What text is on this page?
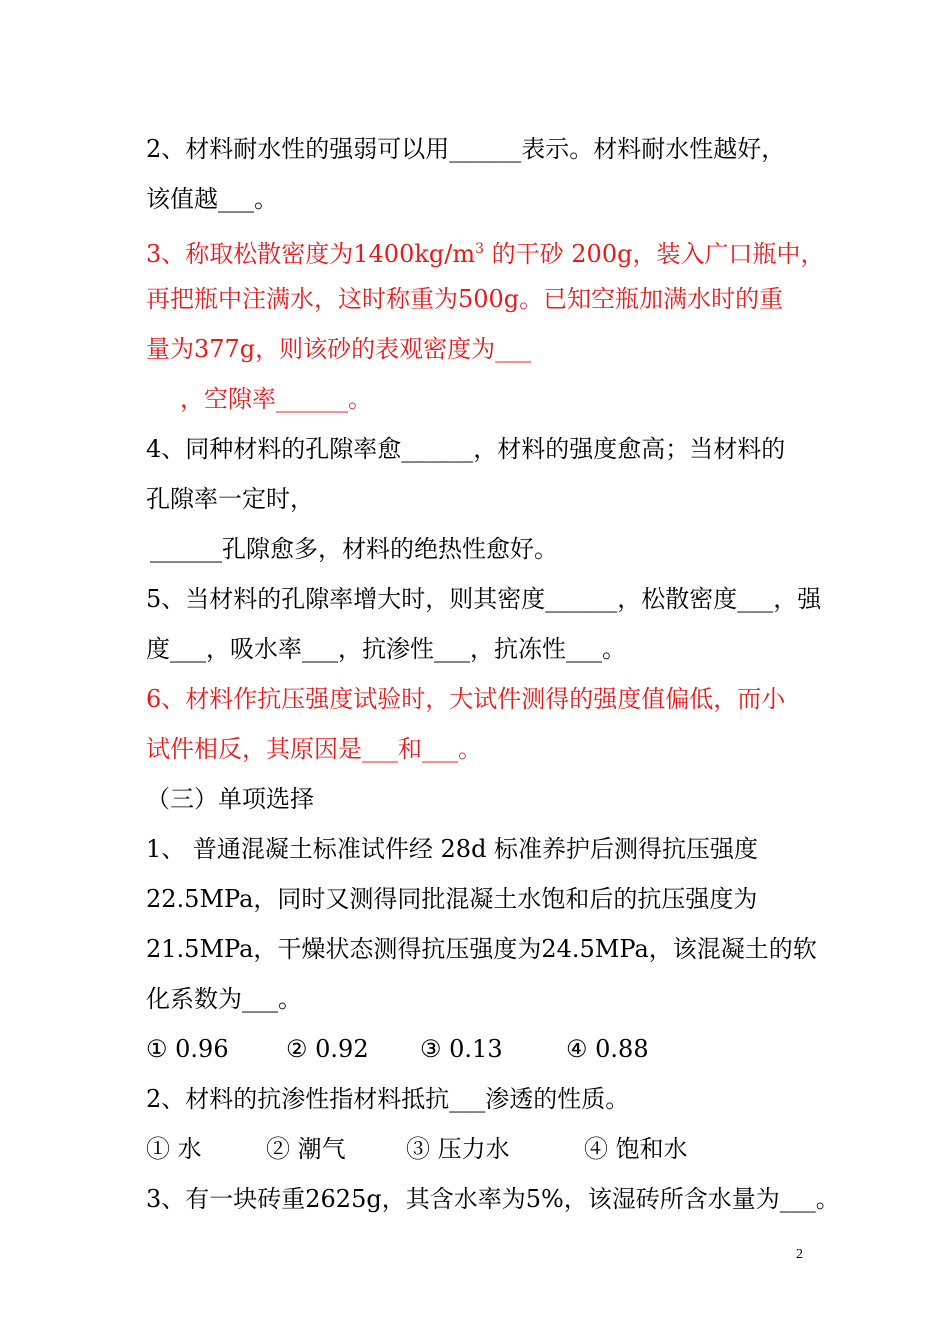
2、材料耐水性的强弱可以用______表示。材料耐水性越好，
该值越___。
3、称取松散密度为$1400kg/m^3$ 的干砂 200g，装入广口瓶中，
再把瓶中注满水，这时称重为500g。已知空瓶加满水时的重
量为377g，则该砂的表观密度为___
，空隙率______。
4、同种材料的孔隙率愈______，材料的强度愈高；当材料的
孔隙率一定时，
______孔隙愈多，材料的绝热性愈好。
5、当材料的孔隙率增大时，则其密度______，松散密度___，强
度___，吸水率___，抗渗性___，抗冻性___。
6、材料作抗压强度试验时，大试件测得的强度值偏低，而小
试件相反，其原因是___和___。
（三）单项选择
1、 普通混凝土标准试件经 28d 标准养护后测得抗压强度
22.5MPa，同时又测得同批混凝土水饱和后的抗压强度为
21.5MPa，干燥状态测得抗压强度为24.5MPa，该混凝土的软
化系数为___。
① 0.96 ② 0.92 ③ 0.13	④ 0.88
2、材料的抗渗性指材料抵抗___渗透的性质。
① 水	② 潮气	③ 压力水	④ 饱和水
3、有一块砖重2625g，其含水率为5%，该湿砖所含水量为___。
2
